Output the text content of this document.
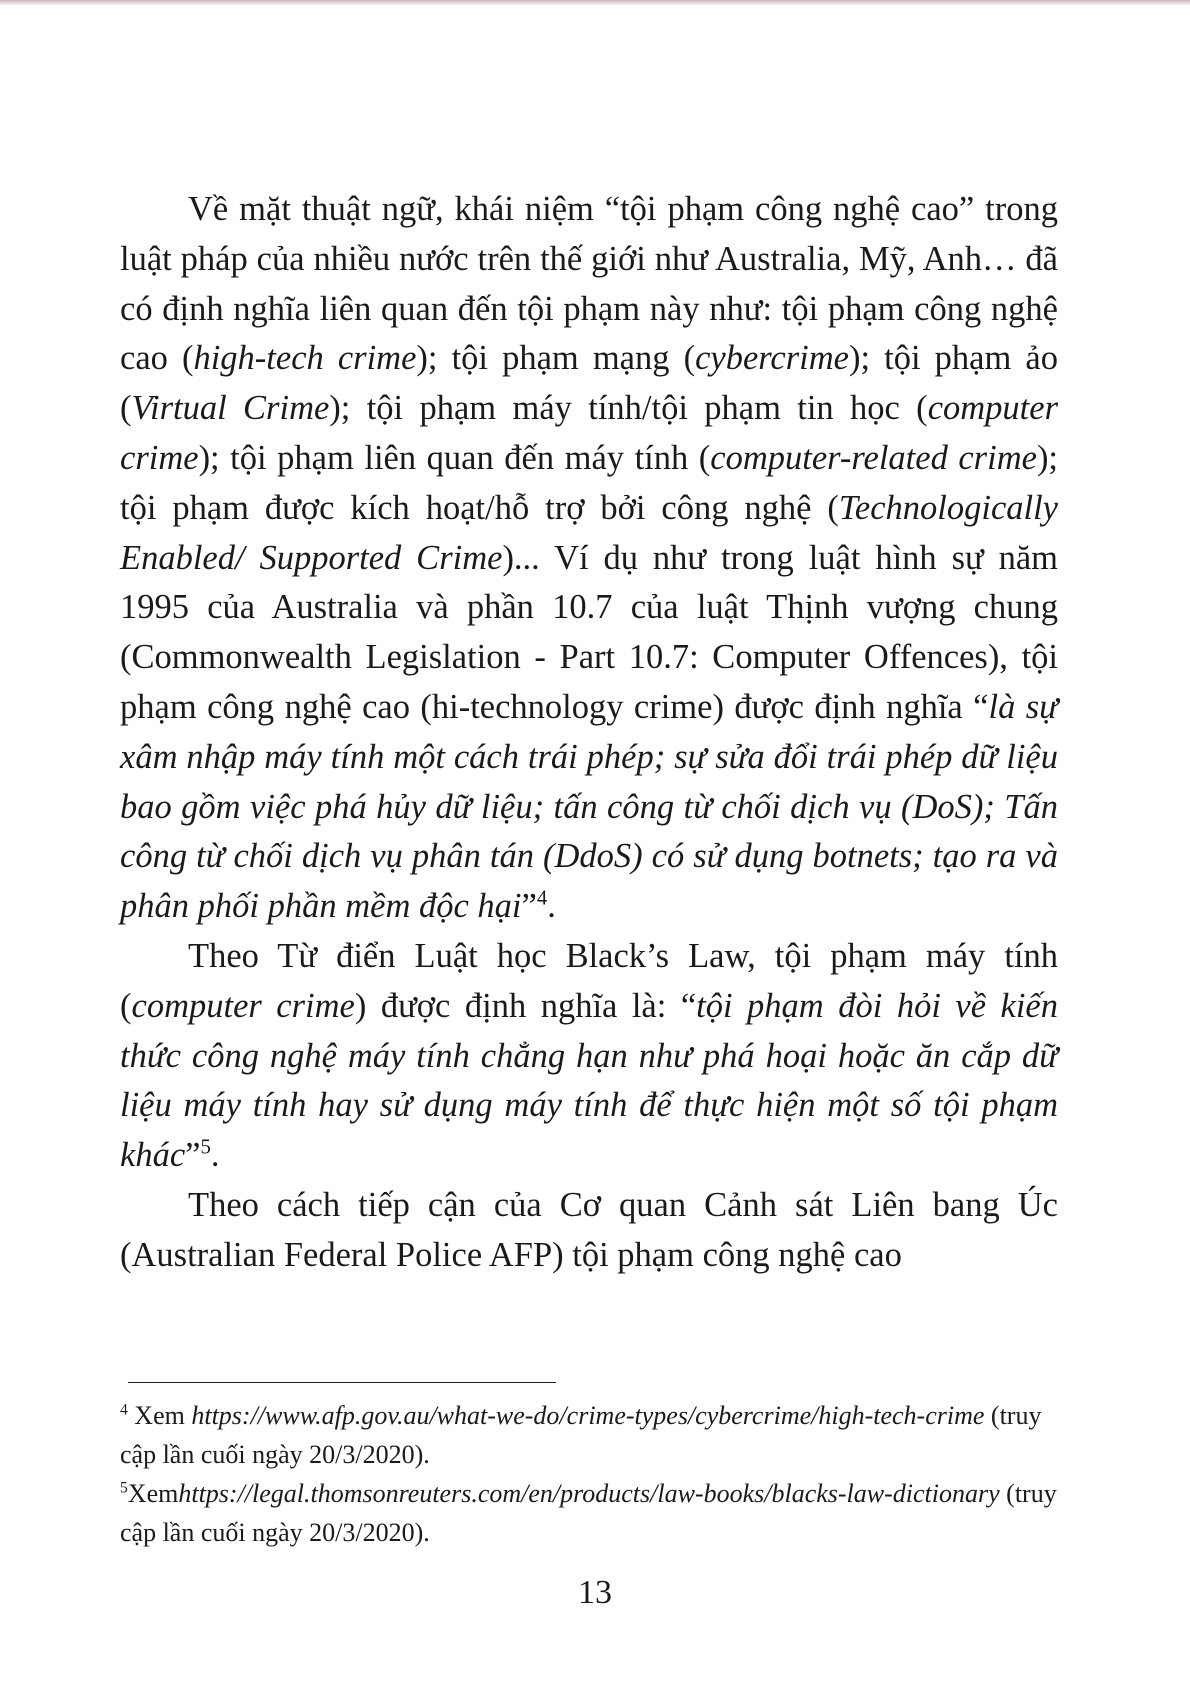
Về mặt thuật ngữ, khái niệm “tội phạm công nghệ cao” trong luật pháp của nhiều nước trên thế giới như Australia, Mỹ, Anh… đã có định nghĩa liên quan đến tội phạm này như: tội phạm công nghệ cao (high-tech crime); tội phạm mạng (cybercrime); tội phạm ảo (Virtual Crime); tội phạm máy tính/tội phạm tin học (computer crime); tội phạm liên quan đến máy tính (computer-related crime); tội phạm được kích hoạt/hỗ trợ bởi công nghệ (Technologically Enabled/ Supported Crime)... Ví dụ như trong luật hình sự năm 1995 của Australia và phần 10.7 của luật Thịnh vượng chung (Commonwealth Legislation - Part 10.7: Computer Offences), tội phạm công nghệ cao (hi-technology crime) được định nghĩa “là sự xâm nhập máy tính một cách trái phép; sự sửa đổi trái phép dữ liệu bao gồm việc phá hủy dữ liệu; tấn công từ chối dịch vụ (DoS); Tấn công từ chối dịch vụ phân tán (DdoS) có sử dụng botnets; tạo ra và phân phối phần mềm độc hại”$^4$.

Theo Từ điển Luật học Black’s Law, tội phạm máy tính (computer crime) được định nghĩa là: “tội phạm đòi hỏi về kiến thức công nghệ máy tính chẳng hạn như phá hoại hoặc ăn cắp dữ liệu máy tính hay sử dụng máy tính để thực hiện một số tội phạm khác”$^5$.

Theo cách tiếp cận của Cơ quan Cảnh sát Liên bang Úc (Australian Federal Police AFP) tội phạm công nghệ cao

$^4$ Xem https://www.afp.gov.au/what-we-do/crime-types/cybercrime/high-tech-crime (truy cập lần cuối ngày 20/3/2020).

$^5$Xemhttps://legal.thomsonreuters.com/en/products/law-books/blacks-law-dictionary (truy cập lần cuối ngày 20/3/2020).

13
